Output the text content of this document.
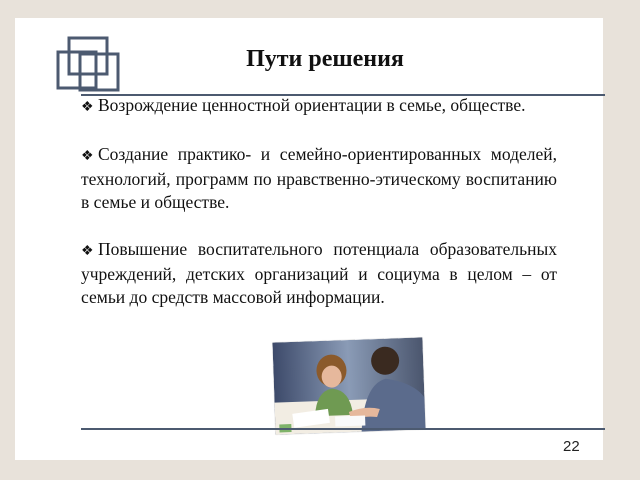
Пути решения

❖ Возрождение ценностной ориентации в семье, обществе.

❖ Создание практико- и семейно-ориентированных моделей, технологий, программ по нравственно-этическому воспитанию в семье и обществе.

❖ Повышение воспитательного потенциала образовательных учреждений, детских организаций и социума в целом – от семьи до средств массовой информации.

22
